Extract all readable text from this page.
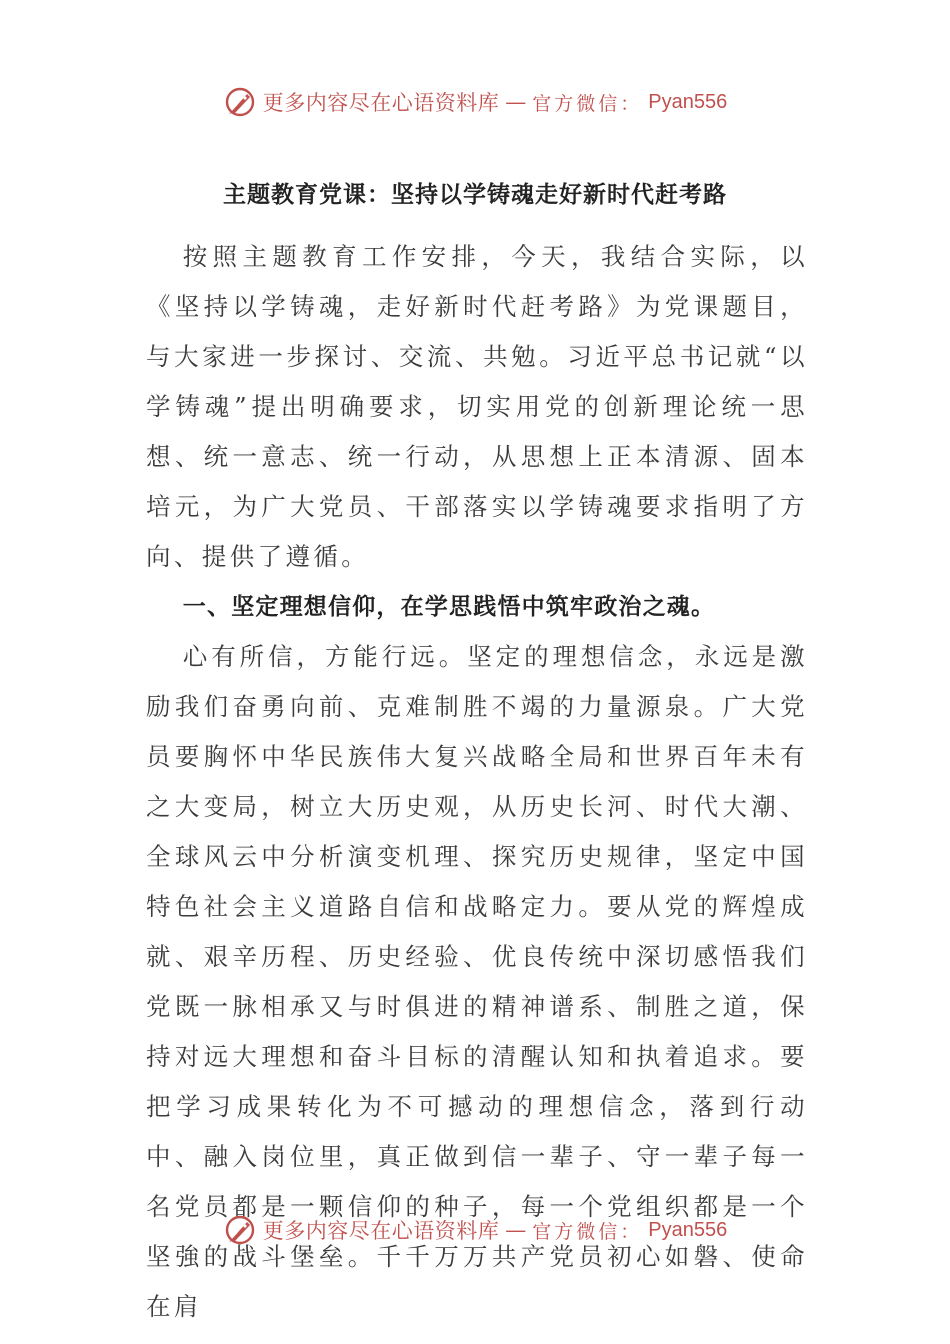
更多内容尽在心语资料库 — 官方微信： Pyan556
主题教育党课：坚持以学铸魂走好新时代赶考路

按照主题教育工作安排，今天，我结合实际，以《坚持以学铸魂，走好新时代赶考路》为党课题目，与大家进一步探讨、交流、共勉。习近平总书记就“以学铸魂”提出明确要求，切实用党的创新理论统一思想、统一意志、统一行动，从思想上正本清源、固本培元，为广大党员、干部落实以学铸魂要求指明了方向、提供了遵循。

一、坚定理想信仰，在学思践悟中筑牢政治之魂。

心有所信，方能行远。坚定的理想信念，永远是激励我们奋勇向前、克难制胜不竭的力量源泉。广大党员要胸怀中华民族伟大复兴战略全局和世界百年未有之大变局，树立大历史观，从历史长河、时代大潮、全球风云中分析演变机理、探究历史规律，坚定中国特色社会主义道路自信和战略定力。要从党的辉煌成就、艰辛历程、历史经验、优良传统中深切感悟我们党既一脉相承又与时俱进的精神谱系、制胜之道，保持对远大理想和奋斗目标的清醒认知和执着追求。要把学习成果转化为不可撼动的理想信念，落到行动中、融入岗位里，真正做到信一辈子、守一辈子每一名党员都是一颗信仰的种子，每一个党组织都是一个坚強的战斗堡垒。千千万万共产党员初心如磐、使命在肩

更多内容尽在心语资料库 — 官方微信： Pyan556
